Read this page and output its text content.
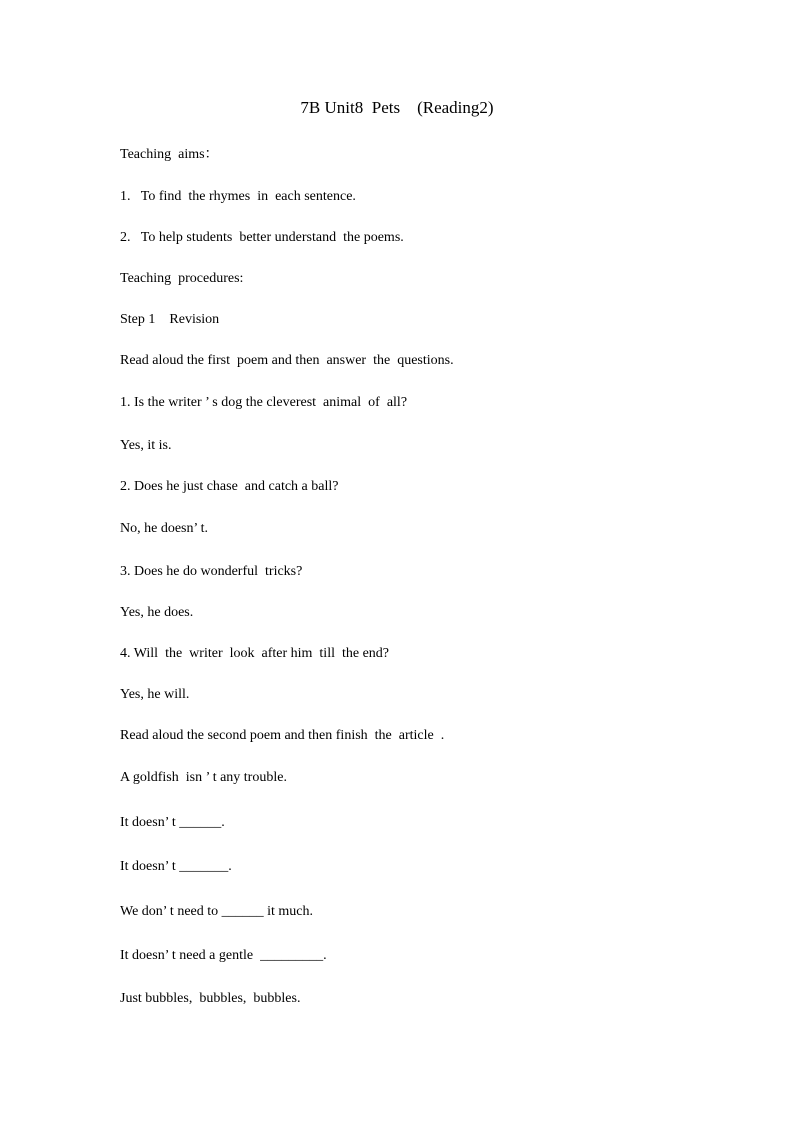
7B Unit8  Pets    (Reading2)
Teaching  aims：
1.   To find  the rhymes  in  each sentence.
2.   To help students  better understand  the poems.
Teaching  procedures:
Step 1    Revision
Read aloud the first  poem and then  answer  the  questions.
1. Is the writer ’ s dog the cleverest  animal  of  all?
Yes, it is.
2. Does he just chase  and catch a ball?
No, he doesn’ t.
3. Does he do wonderful  tricks?
Yes, he does.
4. Will  the  writer  look  after him  till  the end?
Yes, he will.
Read aloud the second poem and then finish  the  article  .
A goldfish  isn ’ t any trouble.
It doesn’ t ______.
It doesn’ t _______.
We don’ t need to ______ it much.
It doesn’ t need a gentle  _________.
Just bubbles,  bubbles,  bubbles.
